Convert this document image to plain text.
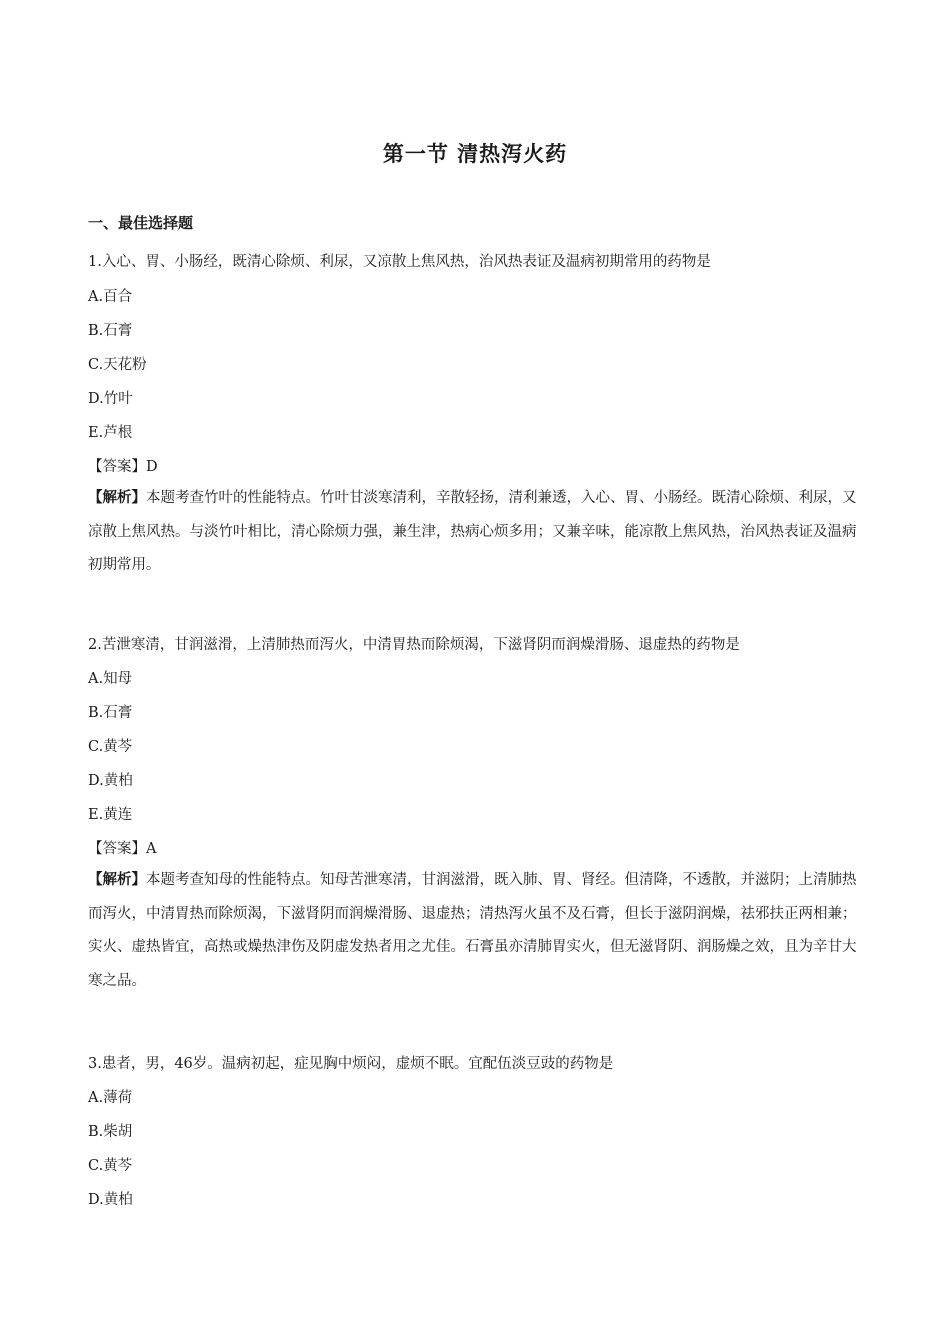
第一节 清热泻火药
一、最佳选择题
1.入心、胃、小肠经，既清心除烦、利尿，又凉散上焦风热，治风热表证及温病初期常用的药物是
A.百合
B.石膏
C.天花粉
D.竹叶
E.芦根
【答案】D
【解析】本题考查竹叶的性能特点。竹叶甘淡寒清利，辛散轻扬，清利兼透，入心、胃、小肠经。既清心除烦、利尿，又凉散上焦风热。与淡竹叶相比，清心除烦力强，兼生津，热病心烦多用；又兼辛味，能凉散上焦风热，治风热表证及温病初期常用。
2.苦泄寒清，甘润滋滑，上清肺热而泻火，中清胃热而除烦渴，下滋肾阴而润燥滑肠、退虚热的药物是
A.知母
B.石膏
C.黄芩
D.黄柏
E.黄连
【答案】A
【解析】本题考查知母的性能特点。知母苦泄寒清，甘润滋滑，既入肺、胃、肾经。但清降，不透散，并滋阴；上清肺热而泻火，中清胃热而除烦渴，下滋肾阴而润燥滑肠、退虚热；清热泻火虽不及石膏，但长于滋阴润燥，祛邪扶正两相兼；实火、虚热皆宜，高热或燥热津伤及阴虚发热者用之尤佳。石膏虽亦清肺胃实火，但无滋肾阴、润肠燥之效，且为辛甘大寒之品。
3.患者，男，46岁。温病初起，症见胸中烦闷，虚烦不眠。宜配伍淡豆豉的药物是
A.薄荷
B.柴胡
C.黄芩
D.黄柏
